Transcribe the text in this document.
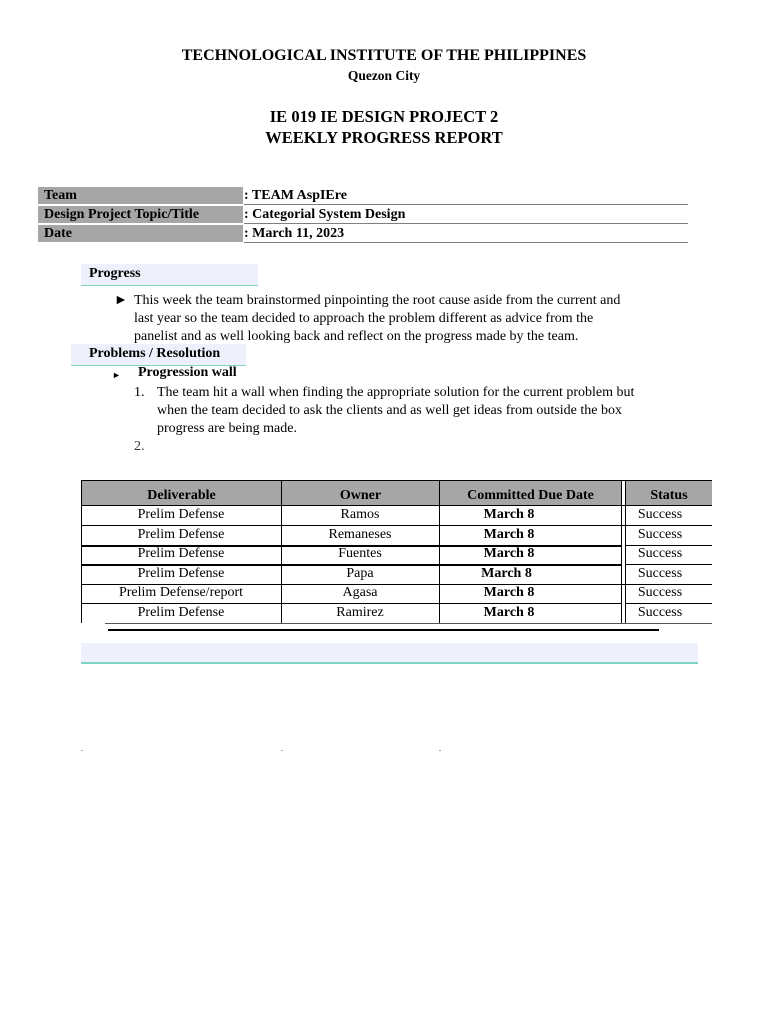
TECHNOLOGICAL INSTITUTE OF THE PHILIPPINES
Quezon City
IE 019 IE DESIGN PROJECT 2
WEEKLY PROGRESS REPORT
Team	: TEAM AspIEre
Design Project Topic/Title	: Categorial System Design
Date	: March 11, 2023
Progress
► This week the team brainstormed pinpointing the root cause aside from the current and
last year so the team decided to approach the problem different as advice from the
panelist and as well looking back and reflect on the progress made by the team.
Problems / Resolution
► Progression wall
1. The team hit a wall when finding the appropriate solution for the current problem but
when the team decided to ask the clients and as well get ideas from outside the box
progress are being made.
2.
Deliverable	Owner	Committed Due Date	Status
Prelim Defense	Ramos	March 8	Success
Prelim Defense	Remaneses	March 8	Success
Prelim Defense	Fuentes	March 8	Success
Prelim Defense	Papa	March 8	Success
Prelim Defense/report	Agasa	March 8	Success
Prelim Defense	Ramirez	March 8	Success
.	.	.
